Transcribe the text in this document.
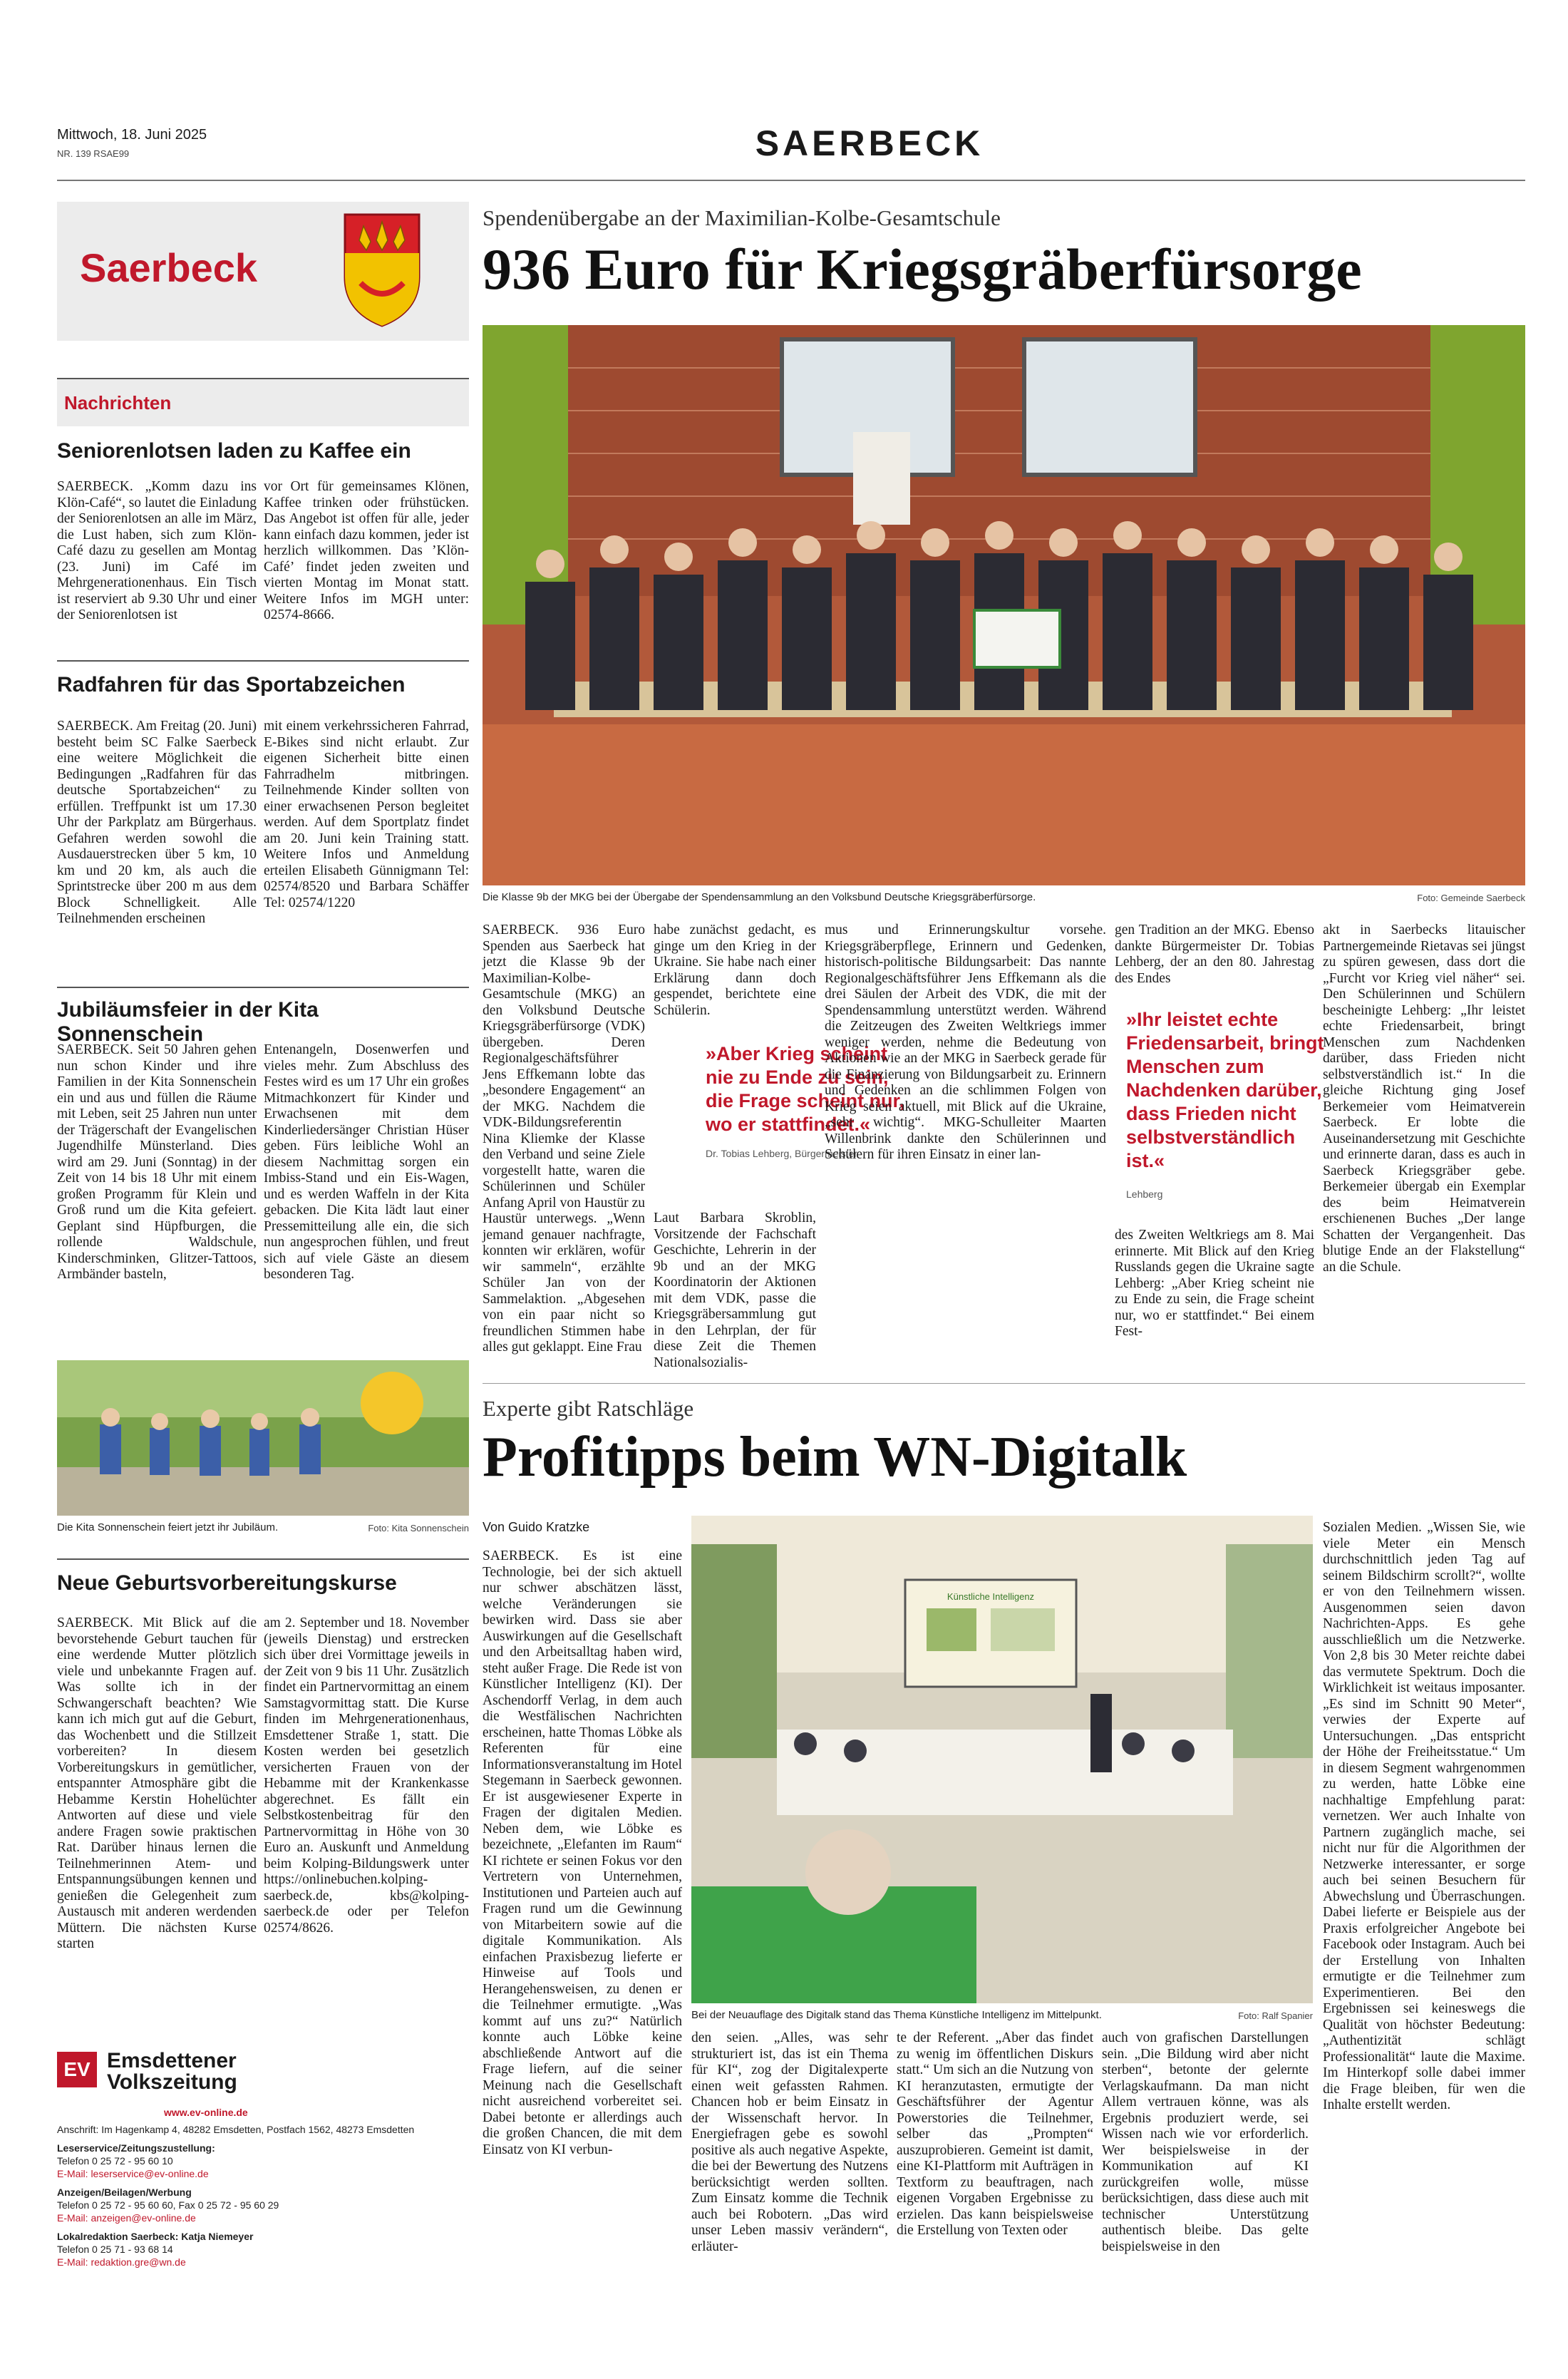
Mittwoch, 18. Juni 2025
NR. 139 RSAE99	SAERBECK
Saerbeck
Nachrichten
Seniorenlotsen laden zu Kaffee ein
SAERBECK. „Komm dazu ins Klön-Café“, so lautet die Einladung der Seniorenlotsen an alle im März, die Lust haben, sich zum Klön-Café dazu zu gesellen am Montag (23. Juni) im Café im Mehrgenerationenhaus. Ein Tisch ist reserviert ab 9.30 Uhr und einer der Seniorenlotsen ist
vor Ort für gemeinsames Klönen, Kaffee trinken oder frühstücken. Das Angebot ist offen für alle, jeder kann einfach dazu kommen, jeder ist herzlich willkommen. Das ’Klön-Café’ findet jeden zweiten und vierten Montag im Monat statt. Weitere Infos im MGH unter: 02574-8666.
Radfahren für das Sportabzeichen
SAERBECK. Am Freitag (20. Juni) besteht beim SC Falke Saerbeck eine weitere Möglichkeit die Bedingungen „Radfahren für das deutsche Sportabzeichen“ zu erfüllen. Treffpunkt ist um 17.30 Uhr der Parkplatz am Bürgerhaus. Gefahren werden sowohl die Ausdauerstrecken über 5 km, 10 km und 20 km, als auch die Sprintstrecke über 200 m aus dem Block Schnelligkeit. Alle Teilnehmenden erscheinen
mit einem verkehrssicheren Fahrrad, E-Bikes sind nicht erlaubt. Zur eigenen Sicherheit bitte einen Fahrradhelm mitbringen. Teilnehmende Kinder sollten von einer erwachsenen Person begleitet werden. Auf dem Sportplatz findet am 20. Juni kein Training statt. Weitere Infos und Anmeldung erteilen Elisabeth Günnigmann Tel: 02574/8520 und Barbara Schäffer Tel: 02574/1220
Jubiläumsfeier in der Kita Sonnenschein
SAERBECK. Seit 50 Jahren gehen nun schon Kinder und ihre Familien in der Kita Sonnenschein ein und aus und füllen die Räume mit Leben, seit 25 Jahren nun unter der Trägerschaft der Evangelischen Jugendhilfe Münsterland. Dies wird am 29. Juni (Sonntag) in der Zeit von 14 bis 18 Uhr mit einem großen Programm für Klein und Groß rund um die Kita gefeiert. Geplant sind Hüpfburgen, die rollende Waldschule, Kinderschminken, Glitzer-Tattoos, Armbänder basteln,
Entenangeln, Dosenwerfen und vieles mehr. Zum Abschluss des Festes wird es um 17 Uhr ein großes Mitmachkonzert für Kinder und Erwachsenen mit dem Kinderliedersänger Christian Hüser geben. Fürs leibliche Wohl an diesem Nachmittag sorgen ein Imbiss-Stand und ein Eis-Wagen, und es werden Waffeln in der Kita gebacken. Die Kita lädt laut einer Pressemitteilung alle ein, die sich nun angesprochen fühlen, und freut sich auf viele Gäste an diesem besonderen Tag.
Die Kita Sonnenschein feiert jetzt ihr Jubiläum.	Foto: Kita Sonnenschein
Neue Geburtsvorbereitungskurse
SAERBECK. Mit Blick auf die bevorstehende Geburt tauchen für eine werdende Mutter plötzlich viele und unbekannte Fragen auf. Was sollte ich in der Schwangerschaft beachten? Wie kann ich mich gut auf die Geburt, das Wochenbett und die Stillzeit vorbereiten? In diesem Vorbereitungskurs in gemütlicher, entspannter Atmosphäre gibt die Hebamme Kerstin Hohelüchter Antworten auf diese und viele andere Fragen sowie praktischen Rat. Darüber hinaus lernen die Teilnehmerinnen Atem- und Entspannungsübungen kennen und genießen die Gelegenheit zum Austausch mit anderen werdenden Müttern. Die nächsten Kurse starten
am 2. September und 18. November (jeweils Dienstag) und erstrecken sich über drei Vormittage jeweils in der Zeit von 9 bis 11 Uhr. Zusätzlich findet ein Partnervormittag an einem Samstagvormittag statt. Die Kurse finden im Mehrgenerationenhaus, Emsdettener Straße 1, statt. Die Kosten werden bei gesetzlich versicherten Frauen von der Hebamme mit der Krankenkasse abgerechnet. Es fällt ein Selbstkostenbeitrag für den Partnervormittag in Höhe von 30 Euro an. Auskunft und Anmeldung beim Kolping-Bildungswerk unter https://onlinebuchen.kolping-saerbeck.de, kbs@kolping-saerbeck.de oder per Telefon 02574/8626.
EV Emsdettener
Volkszeitung
www.ev-online.de
Anschrift: Im Hagenkamp 4, 48282 Emsdetten, Postfach 1562, 48273 Emsdetten
Leserservice/Zeitungszustellung:
Telefon 0 25 72 - 95 60 10
E-Mail: leserservice@ev-online.de
Anzeigen/Beilagen/Werbung
Telefon 0 25 72 - 95 60 60, Fax 0 25 72 - 95 60 29
E-Mail: anzeigen@ev-online.de
Lokalredaktion Saerbeck: Katja Niemeyer
Telefon 0 25 71 - 93 68 14
E-Mail: redaktion.gre@wn.de
Spendenübergabe an der Maximilian-Kolbe-Gesamtschule
936 Euro für Kriegsgräberfürsorge
Die Klasse 9b der MKG bei der Übergabe der Spendensammlung an den Volksbund Deutsche Kriegsgräberfürsorge.	Foto: Gemeinde Saerbeck
SAERBECK. 936 Euro Spenden aus Saerbeck hat jetzt die Klasse 9b der Maximilian-Kolbe-Gesamtschule (MKG) an den Volksbund Deutsche Kriegsgräberfürsorge (VDK) übergeben. Deren Regionalgeschäftsführer Jens Effkemann lobte das „besondere Engagement“ an der MKG. Nachdem die VDK-Bildungsreferentin Nina Kliemke der Klasse den Verband und seine Ziele vorgestellt hatte, waren die Schülerinnen und Schüler Anfang April von Haustür zu Haustür unterwegs. „Wenn jemand genauer nachfragte, konnten wir erklären, wofür wir sammeln“, erzählte Schüler Jan von der Sammelaktion. „Abgesehen von ein paar nicht so freundlichen Stimmen habe alles gut geklappt. Eine Frau
habe zunächst gedacht, es ginge um den Krieg in der Ukraine. Sie habe nach einer Erklärung dann doch gespendet, berichtete eine Schülerin.
»Aber Krieg scheint nie zu Ende zu sein, die Frage scheint nur, wo er stattfindet.«
Dr. Tobias Lehberg, Bürgermeister
Laut Barbara Skroblin, Vorsitzende der Fachschaft Geschichte, Lehrerin in der 9b und an der MKG Koordinatorin der Aktionen mit dem VDK, passe die Kriegsgräbersammlung gut in den Lehrplan, der für diese Zeit die Themen Nationalsozialis-
mus und Erinnerungskultur vorsehe. Kriegsgräberpflege, Erinnern und Gedenken, historisch-politische Bildungsarbeit: Das nannte Regionalgeschäftsführer Jens Effkemann als die drei Säulen der Arbeit des VDK, die mit der Spendensammlung unterstützt werden. Während die Zeitzeugen des Zweiten Weltkriegs immer weniger werden, nehme die Bedeutung von Aktionen wie an der MKG in Saerbeck gerade für die Finanzierung von Bildungsarbeit zu. Erinnern und Gedenken an die schlimmen Folgen von Krieg seien aktuell, mit Blick auf die Ukraine, „sehr wichtig“. MKG-Schulleiter Maarten Willenbrink dankte den Schülerinnen und Schülern für ihren Einsatz in einer lan-
gen Tradition an der MKG. Ebenso dankte Bürgermeister Dr. Tobias Lehberg, der an den 80. Jahrestag des Endes
»Ihr leistet echte Friedensarbeit, bringt Menschen zum Nachdenken darüber, dass Frieden nicht selbstverständlich ist.«
Lehberg
des Zweiten Weltkriegs am 8. Mai erinnerte. Mit Blick auf den Krieg Russlands gegen die Ukraine sagte Lehberg: „Aber Krieg scheint nie zu Ende zu sein, die Frage scheint nur, wo er stattfindet.“ Bei einem Fest-
akt in Saerbecks litauischer Partnergemeinde Rietavas sei jüngst zu spüren gewesen, dass dort die „Furcht vor Krieg viel näher“ sei. Den Schülerinnen und Schülern bescheinigte Lehberg: „Ihr leistet echte Friedensarbeit, bringt Menschen zum Nachdenken darüber, dass Frieden nicht selbstverständlich ist.“ In die gleiche Richtung ging Josef Berkemeier vom Heimatverein Saerbeck. Er lobte die Auseinandersetzung mit Geschichte und erinnerte daran, dass es auch in Saerbeck Kriegsgräber gebe. Berkemeier übergab ein Exemplar des beim Heimatverein erschienenen Buches „Der lange Schatten der Vergangenheit. Das blutige Ende an der Flakstellung“ an die Schule.
Experte gibt Ratschläge
Profitipps beim WN-Digitalk
Von Guido Kratzke
SAERBECK. Es ist eine Technologie, bei der sich aktuell nur schwer abschätzen lässt, welche Veränderungen sie bewirken wird. Dass sie aber Auswirkungen auf die Gesellschaft und den Arbeitsalltag haben wird, steht außer Frage. Die Rede ist von Künstlicher Intelligenz (KI). Der Aschendorff Verlag, in dem auch die Westfälischen Nachrichten erscheinen, hatte Thomas Löbke als Referenten für eine Informationsveranstaltung im Hotel Stegemann in Saerbeck gewonnen. Er ist ausgewiesener Experte in Fragen der digitalen Medien. Neben dem, wie Löbke es bezeichnete, „Elefanten im Raum“ KI richtete er seinen Fokus vor den Vertretern von Unternehmen, Institutionen und Parteien auch auf Fragen rund um die Gewinnung von Mitarbeitern sowie auf die digitale Kommunikation. Als einfachen Praxisbezug lieferte er Hinweise auf Tools und Herangehensweisen, zu denen er die Teilnehmer ermutigte. „Was kommt auf uns zu?“ Natürlich konnte auch Löbke keine abschließende Antwort auf die Frage liefern, auf die seiner Meinung nach die Gesellschaft nicht ausreichend vorbereitet sei. Dabei betonte er allerdings auch die großen Chancen, die mit dem Einsatz von KI verbun-
Künstliche Intelligenz
Bei der Neuauflage des Digitalk stand das Thema Künstliche Intelligenz im Mittelpunkt.	Foto: Ralf Spanier
Sozialen Medien. „Wissen Sie, wie viele Meter ein Mensch durchschnittlich jeden Tag auf seinem Bildschirm scrollt?“, wollte er von den Teilnehmern wissen. Ausgenommen seien davon Nachrichten-Apps. Es gehe ausschließlich um die Netzwerke. Von 2,8 bis 30 Meter reichte dabei das vermutete Spektrum. Doch die Wirklichkeit ist weitaus imposanter. „Es sind im Schnitt 90 Meter“, verwies der Experte auf Untersuchungen. „Das entspricht der Höhe der Freiheitsstatue.“ Um in diesem Segment wahrgenommen zu werden, hatte Löbke eine nachhaltige Empfehlung parat: vernetzen. Wer auch Inhalte von Partnern zugänglich mache, sei nicht nur für die Algorithmen der Netzwerke interessanter, er sorge auch bei seinen Besuchern für Abwechslung und Überraschungen. Dabei lieferte er Beispiele aus der Praxis erfolgreicher Angebote bei Facebook oder Instagram. Auch bei der Erstellung von Inhalten ermutigte er die Teilnehmer zum Experimentieren. Bei den Ergebnissen sei keineswegs die Qualität von höchster Bedeutung: „Authentizität schlägt Professionalität“ laute die Maxime. Im Hinterkopf solle dabei immer die Frage bleiben, für wen die Inhalte erstellt werden.
den seien. „Alles, was sehr strukturiert ist, das ist ein Thema für KI“, zog der Digitalexperte einen weit gefassten Rahmen. Chancen hob er beim Einsatz in der Wissenschaft hervor. In Energiefragen gebe es sowohl positive als auch negative Aspekte, die bei der Bewertung des Nutzens berücksichtigt werden sollten. Zum Einsatz komme die Technik auch bei Robotern. „Das wird unser Leben massiv verändern“, erläuter-
te der Referent. „Aber das findet zu wenig im öffentlichen Diskurs statt.“ Um sich an die Nutzung von KI heranzutasten, ermutigte der Geschäftsführer der Agentur Powerstories die Teilnehmer, selber das „Prompten“ auszuprobieren. Gemeint ist damit, eine KI-Plattform mit Aufträgen in Textform zu beauftragen, nach eigenen Vorgaben Ergebnisse zu erzielen. Das kann beispielsweise die Erstellung von Texten oder
auch von grafischen Darstellungen sein. „Die Bildung wird aber nicht sterben“, betonte der gelernte Verlagskaufmann. Da man nicht Allem vertrauen könne, was als Ergebnis produziert werde, sei Wissen nach wie vor erforderlich. Wer beispielsweise in der Kommunikation auf KI zurückgreifen wolle, müsse berücksichtigen, dass diese auch mit technischer Unterstützung authentisch bleibe. Das gelte beispielsweise in den
